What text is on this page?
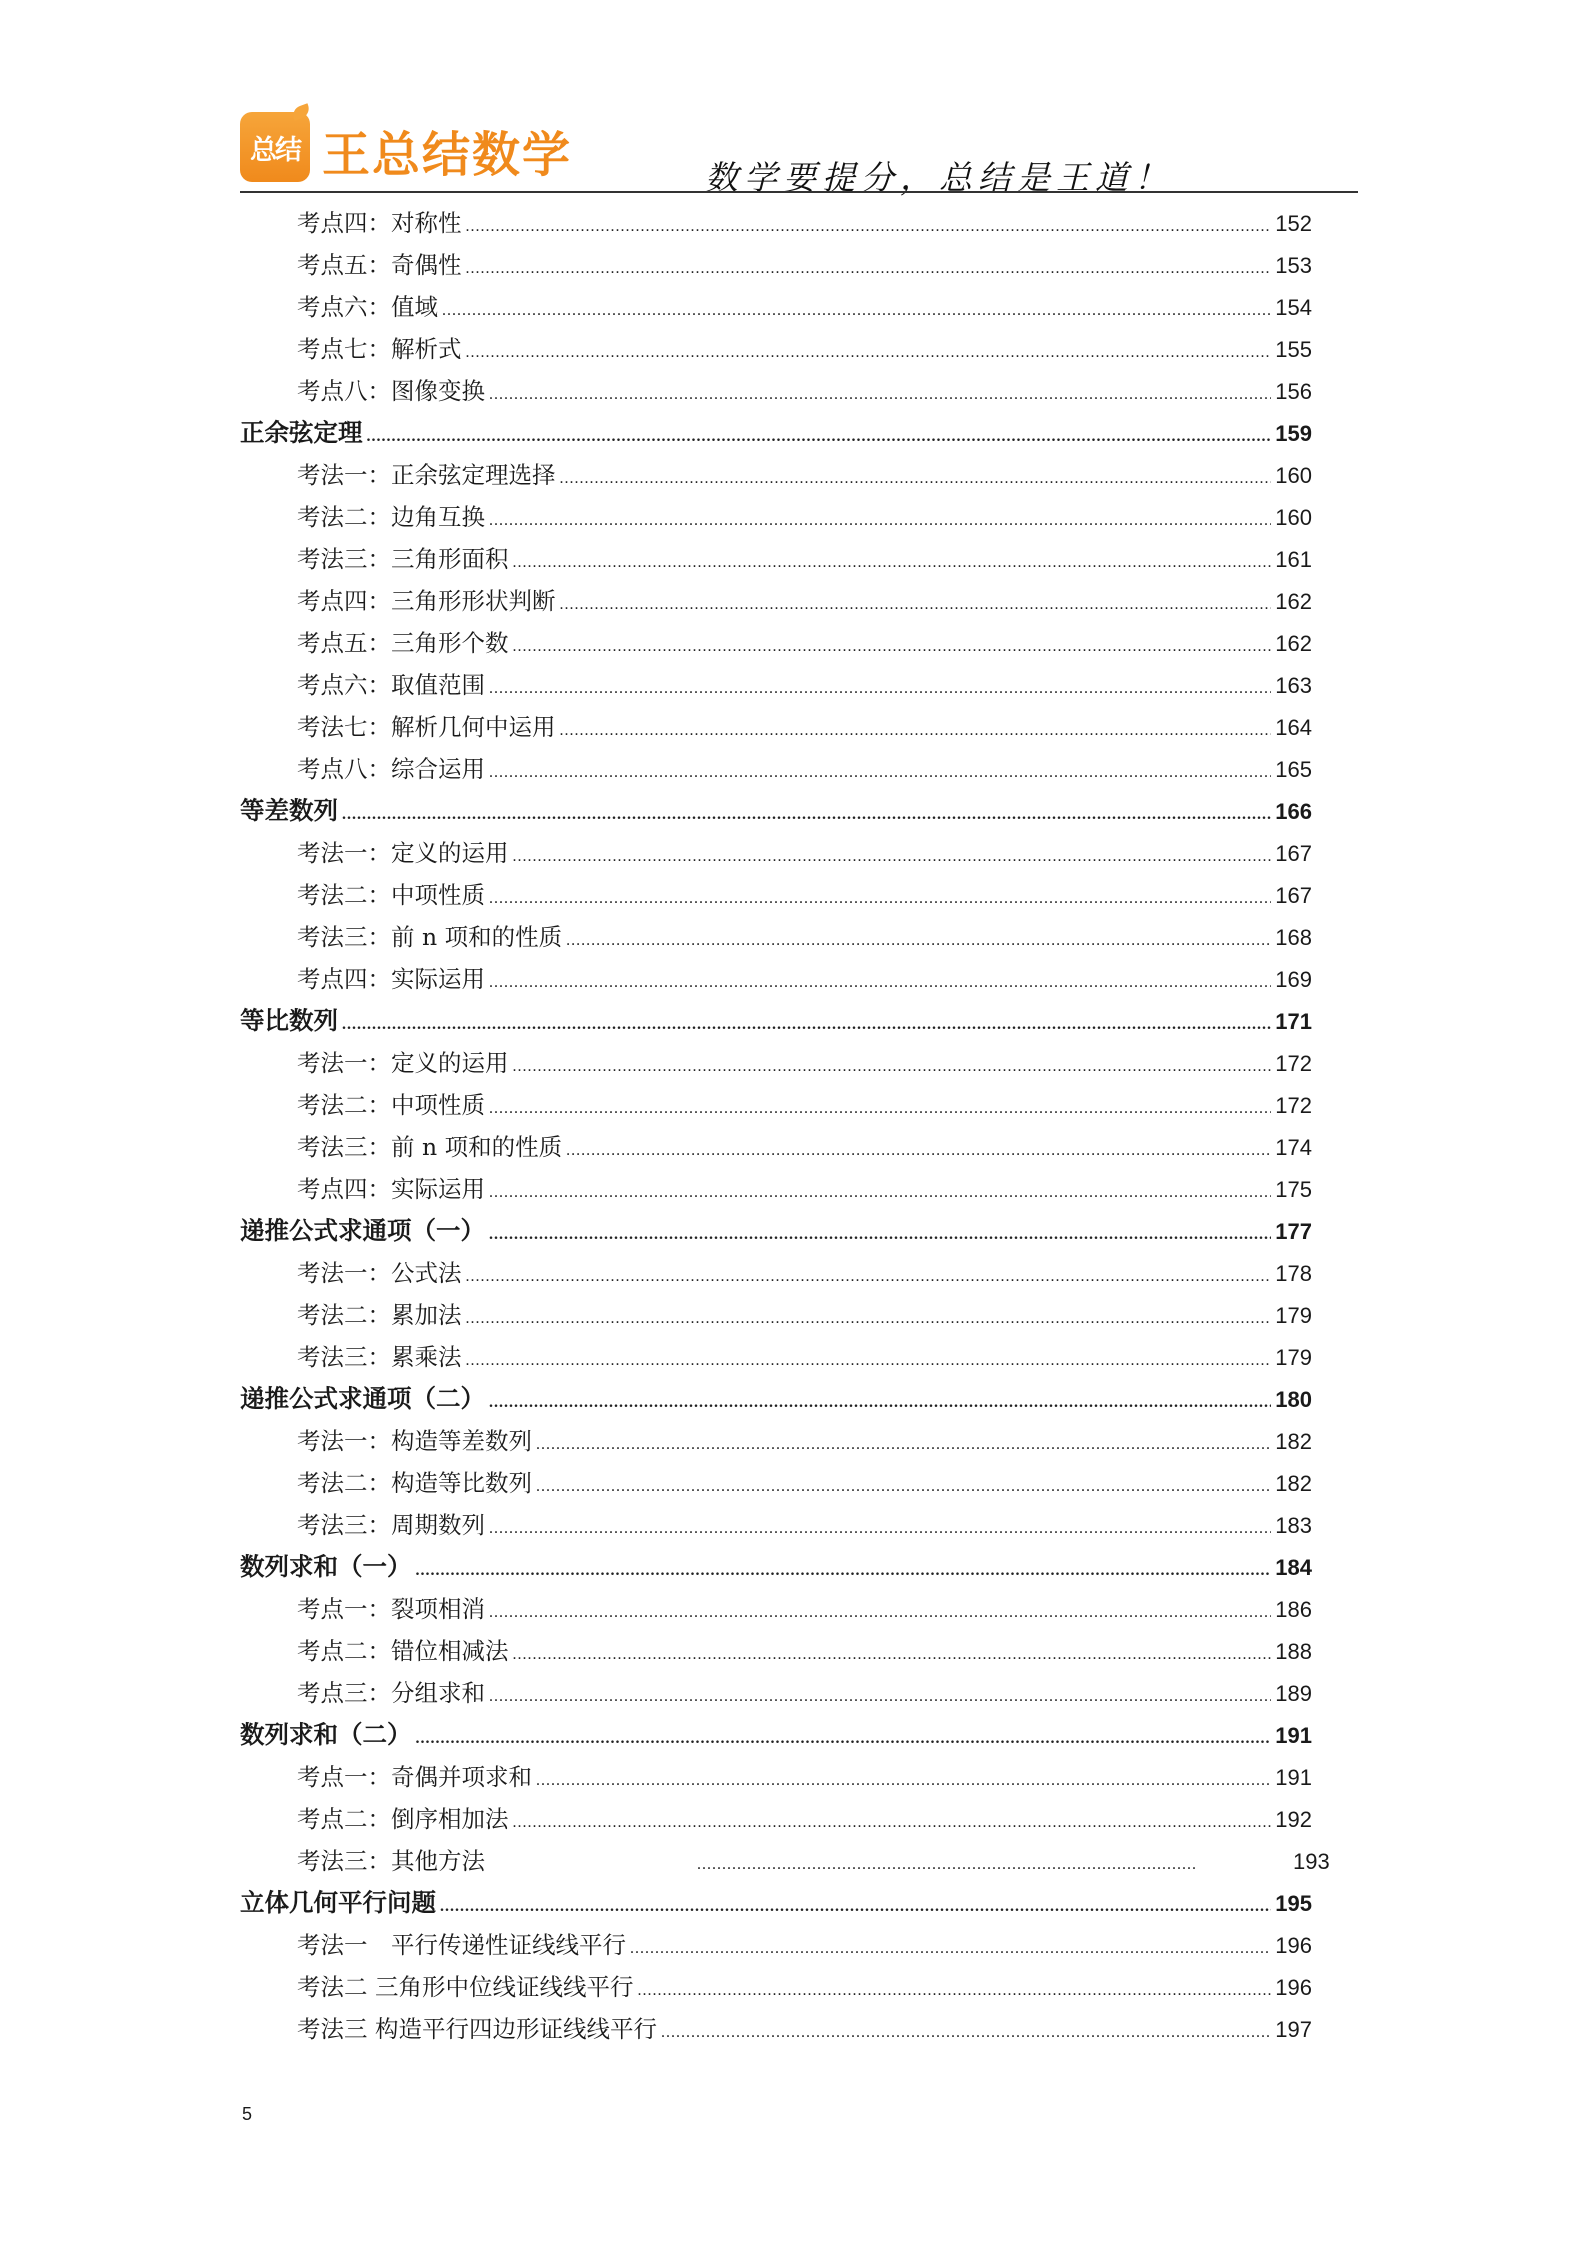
总结 王总结数学	数学要提分，总结是王道！
考点四：对称性 .....	152
考点五：奇偶性 .....	153
考点六：值域 .....	154
考点七：解析式 .....	155
考点八：图像变换 .....	156
正余弦定理 .....	159
考法一：正余弦定理选择 .....	160
考法二：边角互换 .....	160
考法三：三角形面积 .....	161
考点四：三角形形状判断 .....	162
考点五：三角形个数 .....	162
考点六：取值范围 .....	163
考法七：解析几何中运用 .....	164
考点八：综合运用 .....	165
等差数列 .....	166
考法一：定义的运用 .....	167
考法二：中项性质 .....	167
考法三：前 n 项和的性质 .....	168
考点四：实际运用 .....	169
等比数列 .....	171
考法一：定义的运用 .....	172
考法二：中项性质 .....	172
考法三：前 n 项和的性质 .....	174
考点四：实际运用 .....	175
递推公式求通项（一） .....	177
考法一：公式法 .....	178
考法二：累加法 .....	179
考法三：累乘法 .....	179
递推公式求通项（二） .....	180
考法一：构造等差数列 .....	182
考法二：构造等比数列 .....	182
考法三：周期数列 .....	183
数列求和（一） .....	184
考点一：裂项相消 .....	186
考点二：错位相减法 .....	188
考点三：分组求和 .....	189
数列求和（二） .....	191
考点一：奇偶并项求和 .....	191
考点二：倒序相加法 .....	192
考法三：其他方法 .....	193
立体几何平行问题 .....	195
考法一　平行传递性证线线平行 .....	196
考法二 三角形中位线证线线平行 .....	196
考法三 构造平行四边形证线线平行 .....	197
5
